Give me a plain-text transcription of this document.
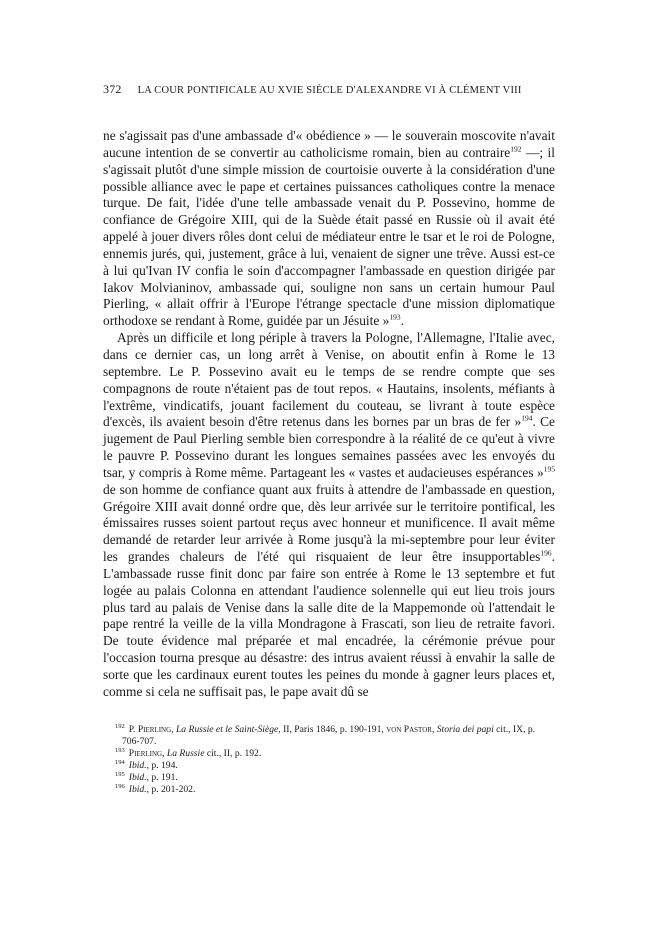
372 LA COUR PONTIFICALE AU XVIE SIÈCLE D'ALEXANDRE VI À CLÉMENT VIII

ne s'agissait pas d'une ambassade d'« obédience » — le souverain moscovite n'avait aucune intention de se convertir au catholicisme romain, bien au contraire$^{192}$ —; il s'agissait plutôt d'une simple mission de courtoisie ouverte à la considération d'une possible alliance avec le pape et certaines puissances catholiques contre la menace turque. De fait, l'idée d'une telle ambassade venait du P. Possevino, homme de confiance de Grégoire XIII, qui de la Suède était passé en Russie où il avait été appelé à jouer divers rôles dont celui de médiateur entre le tsar et le roi de Pologne, ennemis jurés, qui, justement, grâce à lui, venaient de signer une trêve. Aussi est-ce à lui qu'Ivan IV confia le soin d'accompagner l'ambassade en question dirigée par Iakov Molvianinov, ambassade qui, souligne non sans un certain humour Paul Pierling, « allait offrir à l'Europe l'étrange spectacle d'une mission diplomatique orthodoxe se rendant à Rome, guidée par un Jésuite »$^{193}$.

Après un difficile et long périple à travers la Pologne, l'Allemagne, l'Italie avec, dans ce dernier cas, un long arrêt à Venise, on aboutit enfin à Rome le 13 septembre. Le P. Possevino avait eu le temps de se rendre compte que ses compagnons de route n'étaient pas de tout repos. « Hautains, insolents, méfiants à l'extrême, vindicatifs, jouant facilement du couteau, se livrant à toute espèce d'excès, ils avaient besoin d'être retenus dans les bornes par un bras de fer »$^{194}$. Ce jugement de Paul Pierling semble bien correspondre à la réalité de ce qu'eut à vivre le pauvre P. Possevino durant les longues semaines passées avec les envoyés du tsar, y compris à Rome même. Partageant les « vastes et audacieuses espérances »$^{195}$ de son homme de confiance quant aux fruits à attendre de l'ambassade en question, Grégoire XIII avait donné ordre que, dès leur arrivée sur le territoire pontifical, les émissaires russes soient partout reçus avec honneur et munificence. Il avait même demandé de retarder leur arrivée à Rome jusqu'à la mi-septembre pour leur éviter les grandes chaleurs de l'été qui risquaient de leur être insupportables$^{196}$. L'ambassade russe finit donc par faire son entrée à Rome le 13 septembre et fut logée au palais Colonna en attendant l'audience solennelle qui eut lieu trois jours plus tard au palais de Venise dans la salle dite de la Mappemonde où l'attendait le pape rentré la veille de la villa Mondragone à Frascati, son lieu de retraite favori. De toute évidence mal préparée et mal encadrée, la cérémonie prévue pour l'occasion tourna presque au désastre: des intrus avaient réussi à envahir la salle de sorte que les cardinaux eurent toutes les peines du monde à gagner leurs places et, comme si cela ne suffisait pas, le pape avait dû se

$^{192}$ P. Pierling, La Russie et le Saint-Siège, II, Paris 1846, p. 190-191, von Pastor, Storia dei papi cit., IX, p. 706-707.
$^{193}$ Pierling, La Russie cit., II, p. 192.
$^{194}$ Ibid., p. 194.
$^{195}$ Ibid., p. 191.
$^{196}$ Ibid., p. 201-202.
